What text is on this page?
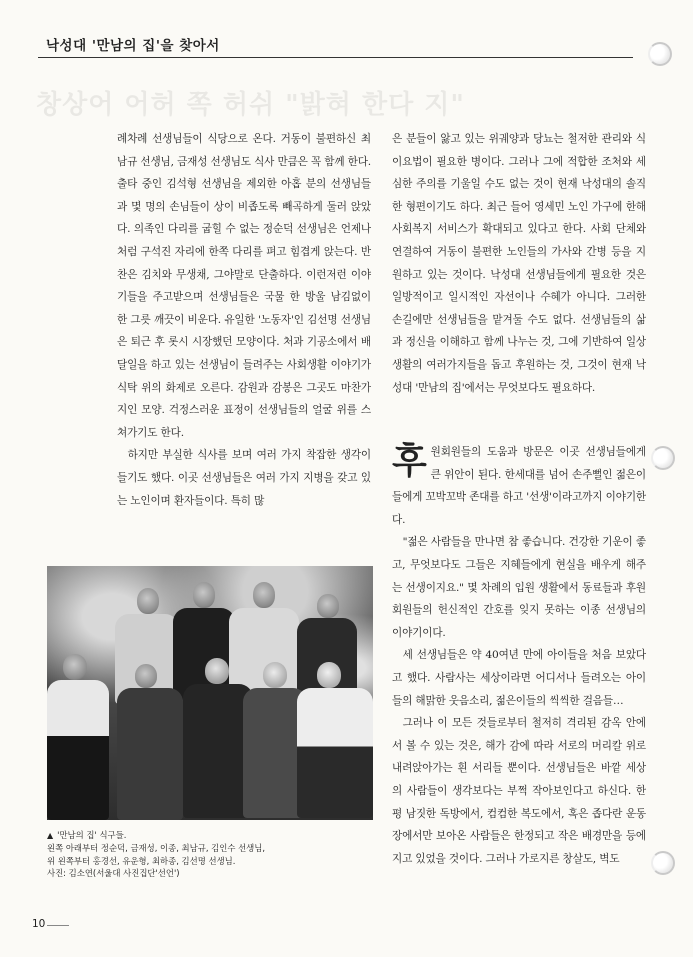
낙성대 '만남의 집'을 찾아서
창상어 어허 쪽 허쉬 "밝혀 한다 지"

례차례 선생님들이 식당으로 온다. 거동이 불편하신 최남규 선생님, 금재성 선생님도 식사 만큼은 꼭 함께 한다. 출타 중인 김석형 선생님을 제외한 아홉 분의 선생님들과 몇 명의 손님들이 상이 비좁도록 빼곡하게 둘러 앉았다. 의족인 다리를 굽힐 수 없는 정순덕 선생님은 언제나처럼 구석진 자리에 한쪽 다리를 펴고 힘겹게 앉는다. 반찬은 김치와 무생채, 그야말로 단출하다. 이런저런 이야기들을 주고받으며 선생님들은 국물 한 방울 남김없이 한 그릇 깨끗이 비운다. 유일한 '노동자'인 김선명 선생님은 퇴근 후 롯시 시장했던 모양이다. 처과 기공소에서 배달일을 하고 있는 선생님이 들려주는 사회생활 이야기가 식탁 위의 화제로 오른다. 감원과 감봉은 그곳도 마찬가지인 모양. 걱정스러운 표정이 선생님들의 얼굴 위를 스쳐가기도 한다.

하지만 부실한 식사를 보며 여러 가지 착잡한 생각이 들기도 했다. 이곳 선생님들은 여러 가지 지병을 갖고 있는 노인이며 환자들이다. 특히 많

은 분들이 앓고 있는 위궤양과 당뇨는 철저한 관리와 식이요법이 필요한 병이다. 그러나 그에 적합한 조처와 세심한 주의를 기울일 수도 없는 것이 현재 낙성대의 솔직한 형편이기도 하다. 최근 들어 영세민 노인 가구에 한해 사회복지 서비스가 확대되고 있다고 한다. 사회 단체와 연결하여 거동이 불편한 노인들의 가사와 간병 등을 지원하고 있는 것이다. 낙성대 선생님들에게 필요한 것은 일방적이고 일시적인 자선이나 수혜가 아니다. 그러한 손길에만 선생님들을 맡겨둘 수도 없다. 선생님들의 삶과 정신을 이해하고 함께 나누는 것, 그에 기반하여 일상생활의 여러가지들을 돕고 후원하는 것, 그것이 현재 낙성대 '만남의 집'에서는 무엇보다도 필요하다.

후원회원들의 도움과 방문은 이곳 선생님들에게 큰 위안이 된다. 한세대를 넘어 손주뻘인 젊은이들에게 꼬박꼬박 존대를 하고 '선생'이라고까지 이야기한다.

"젊은 사람들을 만나면 참 좋습니다. 건강한 기운이 좋고, 무엇보다도 그들은 지혜들에게 현실을 배우게 해주는 선생이지요." 몇 차례의 입원 생활에서 동료들과 후원회원들의 헌신적인 간호를 잊지 못하는 이종 선생님의 이야기이다.

세 선생님들은 약 40여년 만에 아이들을 처음 보았다고 했다. 사람사는 세상이라면 어디서나 들려오는 아이들의 해맑한 웃음소리, 젊은이들의 씩씩한 걸음들…

그러나 이 모든 것들로부터 철저히 격리된 감옥 안에서 볼 수 있는 것은, 해가 감에 따라 서로의 머리칼 위로 내려앉아가는 흰 서리들 뿐이다. 선생님들은 바깥 세상의 사람들이 생각보다는 부쩍 작아보인다고 하신다. 한 평 남짓한 독방에서, 컴컴한 복도에서, 혹은 좁다란 운동장에서만 보아온 사람들은 한정되고 작은 배경만을 등에 지고 있었을 것이다. 그러나 가로지른 창살도, 벽도

▲ '만남의 집' 식구들.
왼쪽 아래부터 정순덕, 금재성, 이종, 최남규, 김인수 선생님,
위 왼쪽부터 홍경선, 유운형, 최하종, 김선명 선생님.
사진: 김소연(서울대 사진집단'선언')
10
